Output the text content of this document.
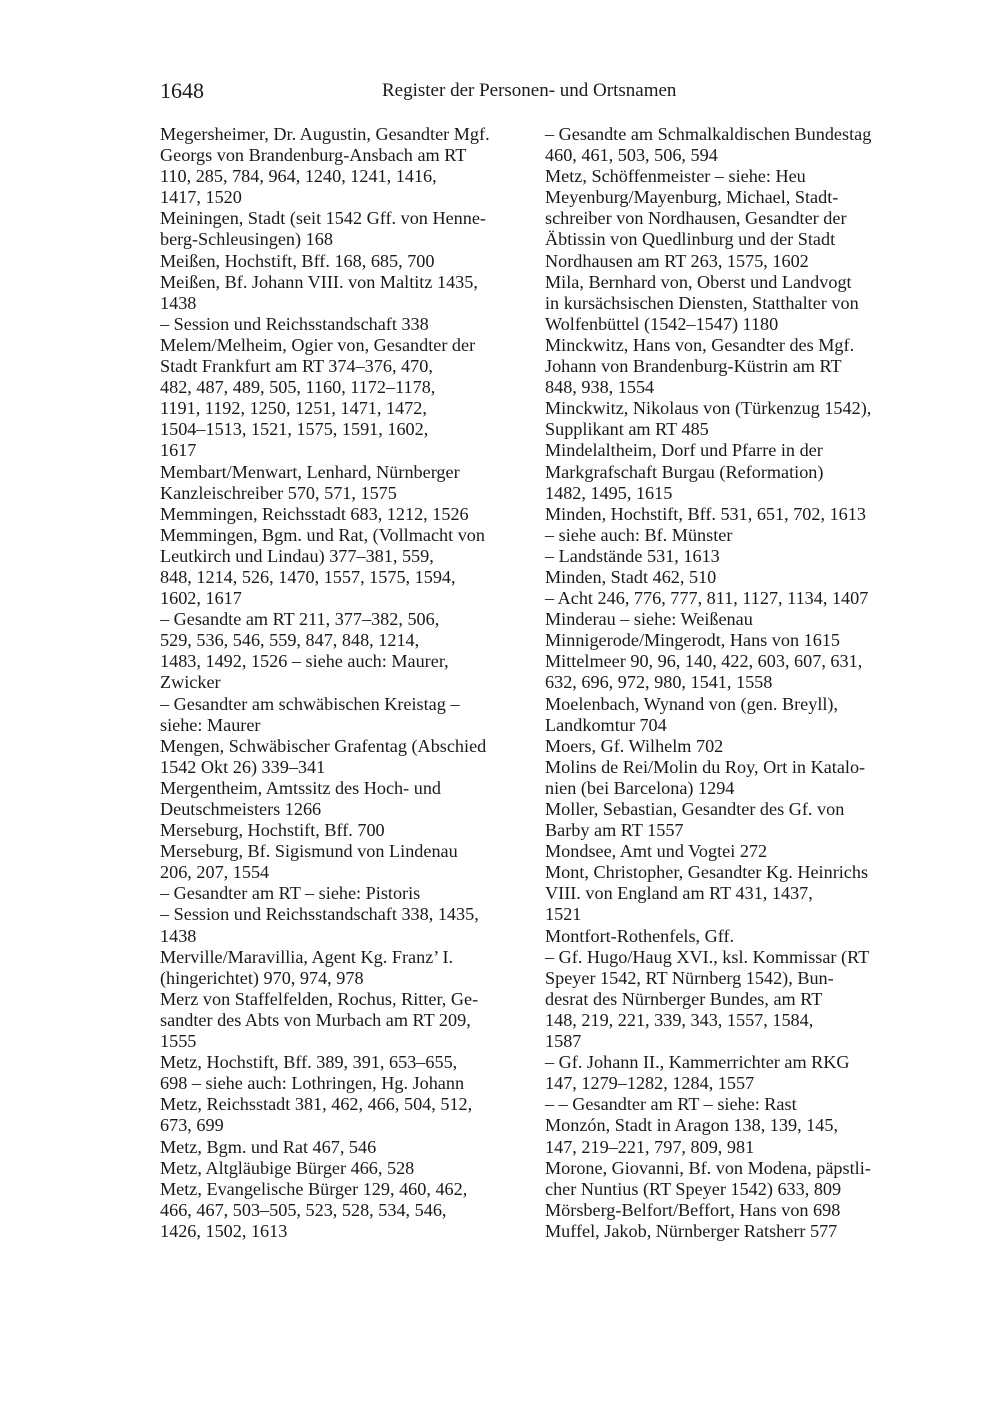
1648	Register der Personen- und Ortsnamen

Megersheimer, Dr. Augustin, Gesandter Mgf.
Georgs von Brandenburg-Ansbach am RT
110, 285, 784, 964, 1240, 1241, 1416,
1417, 1520

Meiningen, Stadt (seit 1542 Gff. von Henne-
berg-Schleusingen) 168

Meißen, Hochstift, Bff. 168, 685, 700

Meißen, Bf. Johann VIII. von Maltitz 1435,
1438

– Session und Reichsstandschaft 338

Melem/Melheim, Ogier von, Gesandter der
Stadt Frankfurt am RT 374–376, 470,
482, 487, 489, 505, 1160, 1172–1178,
1191, 1192, 1250, 1251, 1471, 1472,
1504–1513, 1521, 1575, 1591, 1602,
1617

Membart/Menwart, Lenhard, Nürnberger
Kanzleischreiber 570, 571, 1575

Memmingen, Reichsstadt 683, 1212, 1526

Memmingen, Bgm. und Rat, (Vollmacht von
Leutkirch und Lindau) 377–381, 559,
848, 1214, 526, 1470, 1557, 1575, 1594,
1602, 1617

– Gesandte am RT 211, 377–382, 506,
529, 536, 546, 559, 847, 848, 1214,
1483, 1492, 1526 – siehe auch: Maurer,
Zwicker

– Gesandter am schwäbischen Kreistag –
siehe: Maurer

Mengen, Schwäbischer Grafentag (Abschied
1542 Okt 26) 339–341

Mergentheim, Amtssitz des Hoch- und
Deutschmeisters 1266

Merseburg, Hochstift, Bff. 700

Merseburg, Bf. Sigismund von Lindenau
206, 207, 1554

– Gesandter am RT – siehe: Pistoris

– Session und Reichsstandschaft 338, 1435,
1438

Merville/Maravillia, Agent Kg. Franz’ I.
(hingerichtet) 970, 974, 978

Merz von Staffelfelden, Rochus, Ritter, Ge-
sandter des Abts von Murbach am RT 209,
1555

Metz, Hochstift, Bff. 389, 391, 653–655,
698 – siehe auch: Lothringen, Hg. Johann

Metz, Reichsstadt 381, 462, 466, 504, 512,
673, 699

Metz, Bgm. und Rat 467, 546

Metz, Altgläubige Bürger 466, 528

Metz, Evangelische Bürger 129, 460, 462,
466, 467, 503–505, 523, 528, 534, 546,
1426, 1502, 1613

– Gesandte am Schmalkaldischen Bundestag
460, 461, 503, 506, 594

Metz, Schöffenmeister – siehe: Heu

Meyenburg/Mayenburg, Michael, Stadt-
schreiber von Nordhausen, Gesandter der
Äbtissin von Quedlinburg und der Stadt
Nordhausen am RT 263, 1575, 1602

Mila, Bernhard von, Oberst und Landvogt
in kursächsischen Diensten, Statthalter von
Wolfenbüttel (1542–1547) 1180

Minckwitz, Hans von, Gesandter des Mgf.
Johann von Brandenburg-Küstrin am RT
848, 938, 1554

Minckwitz, Nikolaus von (Türkenzug 1542),
Supplikant am RT 485

Mindelaltheim, Dorf und Pfarre in der
Markgrafschaft Burgau (Reformation)
1482, 1495, 1615

Minden, Hochstift, Bff. 531, 651, 702, 1613
– siehe auch: Bf. Münster

– Landstände 531, 1613

Minden, Stadt 462, 510

– Acht 246, 776, 777, 811, 1127, 1134, 1407

Minderau – siehe: Weißenau

Minnigerode/Mingerodt, Hans von 1615

Mittelmeer 90, 96, 140, 422, 603, 607, 631,
632, 696, 972, 980, 1541, 1558

Moelenbach, Wynand von (gen. Breyll),
Landkomtur 704

Moers, Gf. Wilhelm 702

Molins de Rei/Molin du Roy, Ort in Katalo-
nien (bei Barcelona) 1294

Moller, Sebastian, Gesandter des Gf. von
Barby am RT 1557

Mondsee, Amt und Vogtei 272

Mont, Christopher, Gesandter Kg. Heinrichs
VIII. von England am RT 431, 1437,
1521

Montfort-Rothenfels, Gff.

– Gf. Hugo/Haug XVI., ksl. Kommissar (RT
Speyer 1542, RT Nürnberg 1542), Bun-
desrat des Nürnberger Bundes, am RT
148, 219, 221, 339, 343, 1557, 1584,
1587

– Gf. Johann II., Kammerrichter am RKG
147, 1279–1282, 1284, 1557

– – Gesandter am RT – siehe: Rast

Monzón, Stadt in Aragon 138, 139, 145,
147, 219–221, 797, 809, 981

Morone, Giovanni, Bf. von Modena, päpstli-
cher Nuntius (RT Speyer 1542) 633, 809

Mörsberg-Belfort/Beffort, Hans von 698

Muffel, Jakob, Nürnberger Ratsherr 577
